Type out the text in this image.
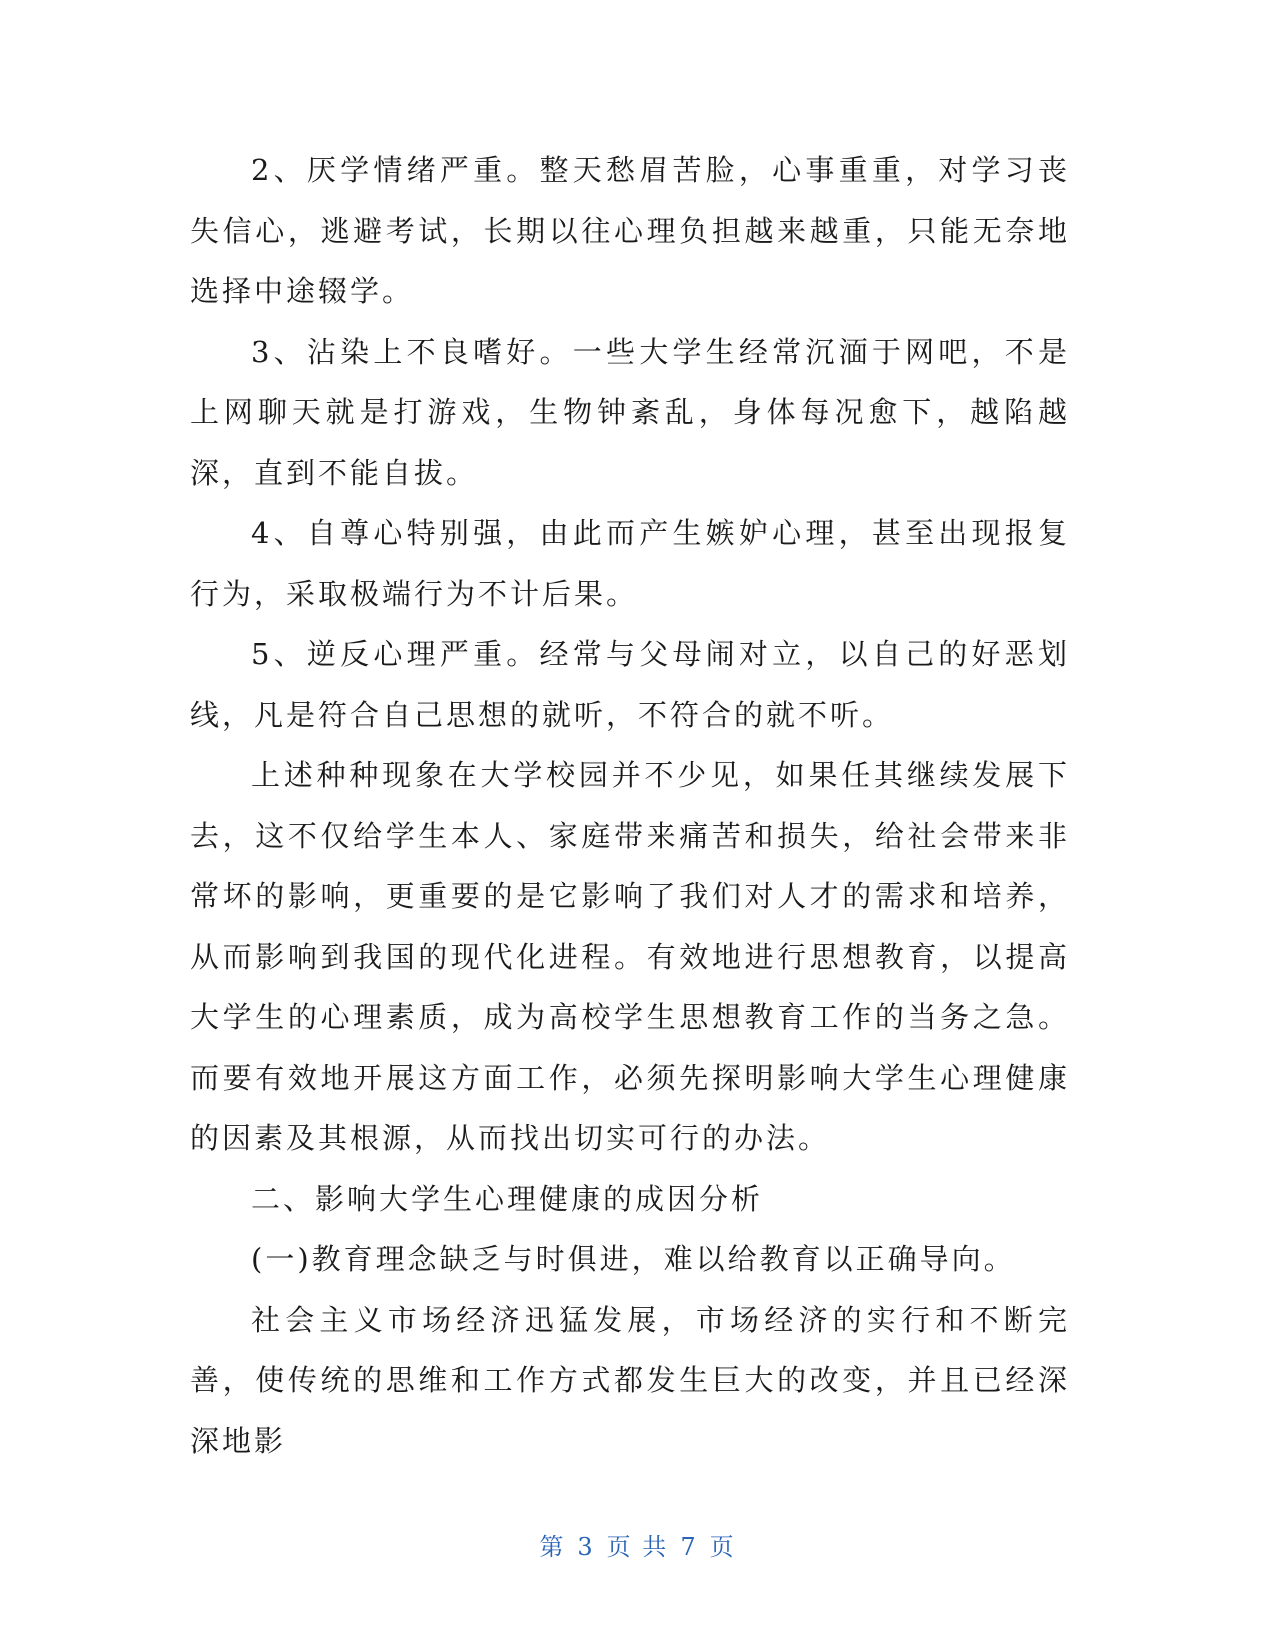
2、厌学情绪严重。整天愁眉苦脸，心事重重，对学习丧失信心，逃避考试，长期以往心理负担越来越重，只能无奈地选择中途辍学。

3、沾染上不良嗜好。一些大学生经常沉湎于网吧，不是上网聊天就是打游戏，生物钟紊乱，身体每况愈下，越陷越深，直到不能自拔。

4、自尊心特别强，由此而产生嫉妒心理，甚至出现报复行为，采取极端行为不计后果。

5、逆反心理严重。经常与父母闹对立，以自己的好恶划线，凡是符合自己思想的就听，不符合的就不听。

上述种种现象在大学校园并不少见，如果任其继续发展下去，这不仅给学生本人、家庭带来痛苦和损失，给社会带来非常坏的影响，更重要的是它影响了我们对人才的需求和培养，从而影响到我国的现代化进程。有效地进行思想教育，以提高大学生的心理素质，成为高校学生思想教育工作的当务之急。而要有效地开展这方面工作，必须先探明影响大学生心理健康的因素及其根源，从而找出切实可行的办法。

二、影响大学生心理健康的成因分析

(一)教育理念缺乏与时俱进，难以给教育以正确导向。

社会主义市场经济迅猛发展，市场经济的实行和不断完善，使传统的思维和工作方式都发生巨大的改变，并且已经深深地影

第 3 页 共 7 页
